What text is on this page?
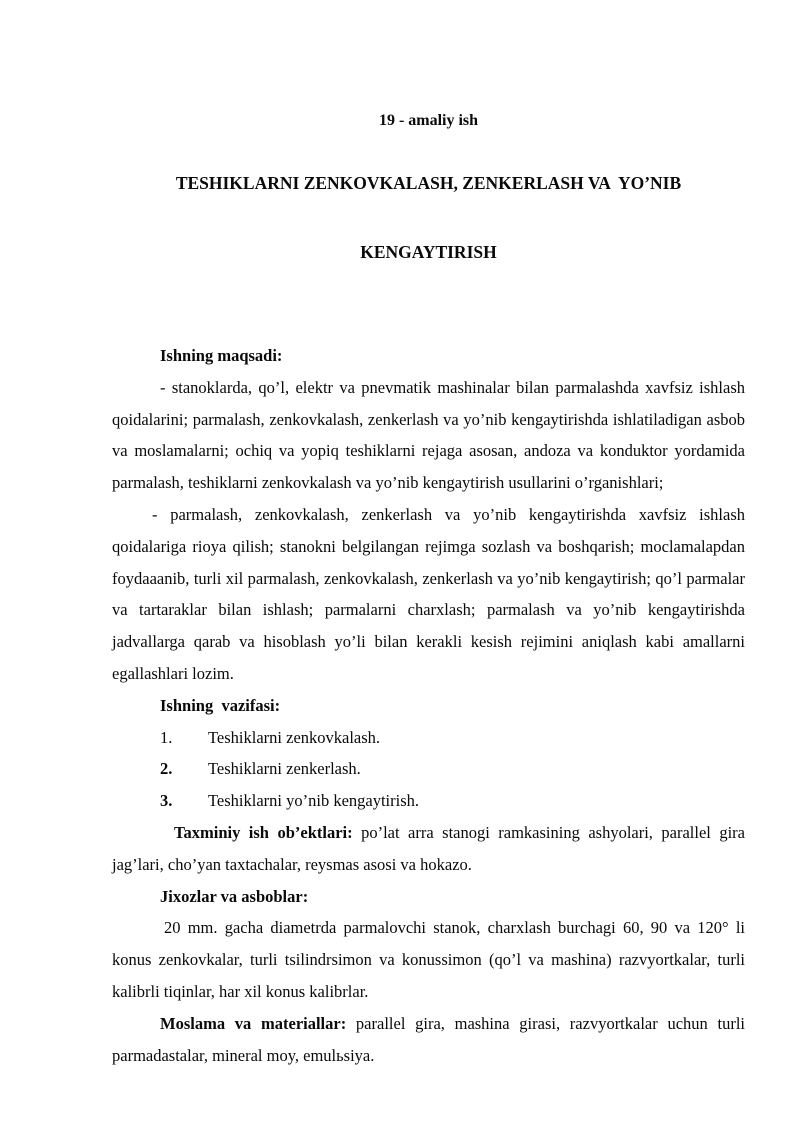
19 - amaliy ish

TESHIKLARNI ZENKOVKALASH, ZENKERLASH VA  YO’NIB

KENGAYTIRISH

Ishning maqsadi:

- stanoklarda, qo’l, elektr va pnevmatik mashinalar bilan parmalashda xavfsiz ishlash qoidalarini; parmalash, zenkovkalash, zenkerlash va yo’nib kengaytirishda ishlatiladigan asbob va moslamalarni; ochiq va yopiq teshiklarni rejaga asosan, andoza va konduktor yordamida parmalash, teshiklarni zenkovkalash va yo’nib kengaytirish usullarini o’rganishlari;

- parmalash, zenkovkalash, zenkerlash va yo’nib kengaytirishda xavfsiz ishlash qoidalariga rioya qilish; stanokni belgilangan rejimga sozlash va boshqarish; moclamalapdan foydaaanib, turli xil parmalash, zenkovkalash, zenkerlash va yo’nib kengaytirish; qo’l parmalar va tartaraklar bilan ishlash; parmalarni charxlash; parmalash va yo’nib kengaytirishda jadvallarga qarab va hisoblash yo’li bilan kerakli kesish rejimini aniqlash kabi amallarni egallashlari lozim.

Ishning  vazifasi:

1. Teshiklarni zenkovkalash.
2. Teshiklarni zenkerlash.
3. Teshiklarni yo’nib kengaytirish.

Taxminiy ish ob’ektlari: po’lat arra stanogi ramkasining ashyolari, parallel gira jag’lari, cho’yan taxtachalar, reysmas asosi va hokazo.

Jixozlar va asboblar:

20 mm. gacha diametrda parmalovchi stanok, charxlash burchagi 60, 90 va 120° li konus zenkovkalar, turli tsilindrsimon va konussimon (qo’l va mashina) razvyortkalar, turli kalibrli tiqinlar, har xil konus kalibrlar.

Moslama va materiallar: parallel gira, mashina girasi, razvyortkalar uchun turli parmadastalar, mineral moy, emulьsiya.
